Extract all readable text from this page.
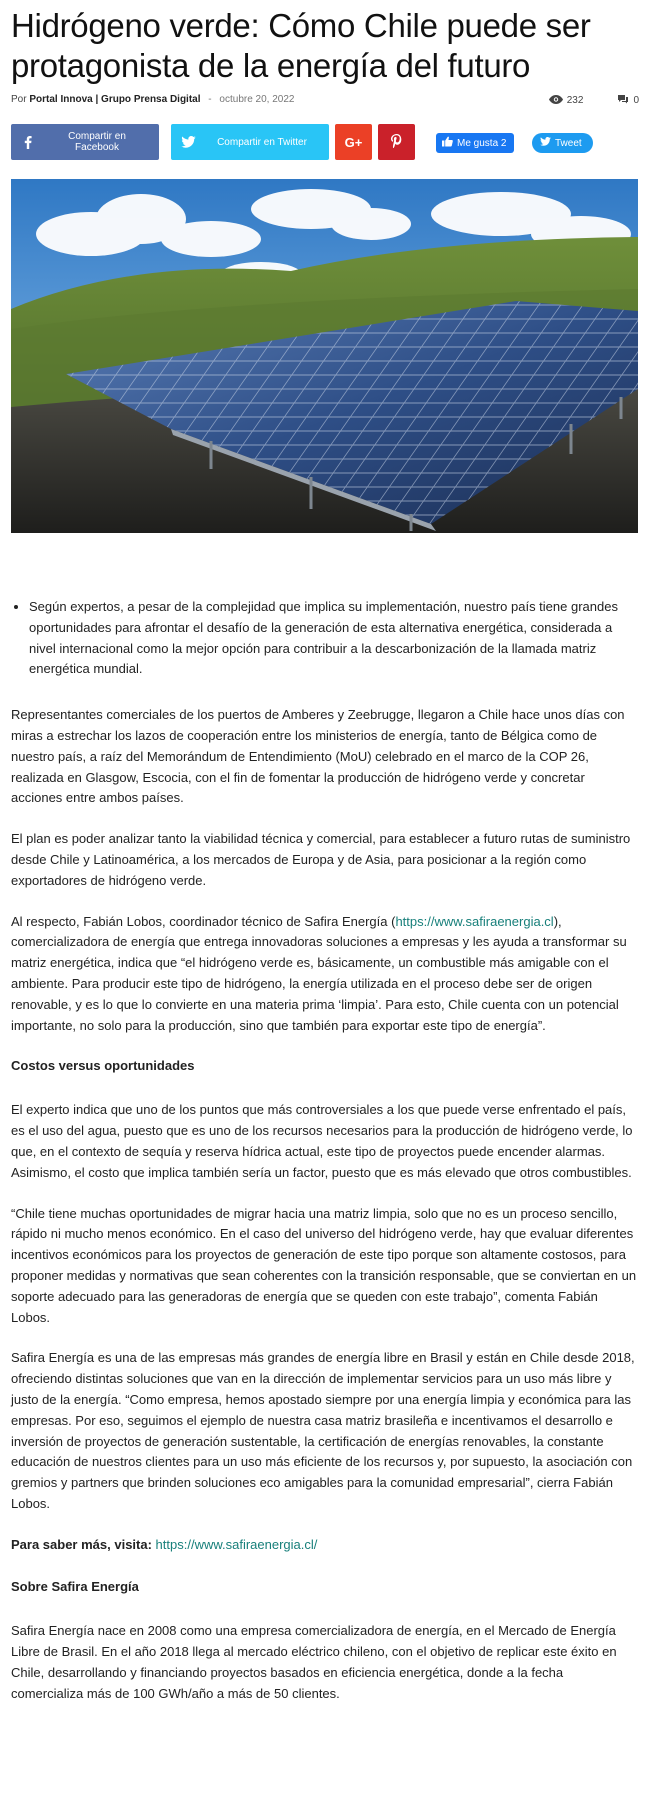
Hidrógeno verde: Cómo Chile puede ser protagonista de la energía del futuro
Por Portal Innova | Grupo Prensa Digital - octubre 20, 2022	232	0
Compartir en Facebook	Compartir en Twitter	G+	Me gusta 2	Tweet
• Según expertos, a pesar de la complejidad que implica su implementación, nuestro país tiene grandes oportunidades para afrontar el desafío de la generación de esta alternativa energética, considerada a nivel internacional como la mejor opción para contribuir a la descarbonización de la llamada matriz energética mundial.

Representantes comerciales de los puertos de Amberes y Zeebrugge, llegaron a Chile hace unos días con miras a estrechar los lazos de cooperación entre los ministerios de energía, tanto de Bélgica como de nuestro país, a raíz del Memorándum de Entendimiento (MoU) celebrado en el marco de la COP 26, realizada en Glasgow, Escocia, con el fin de fomentar la producción de hidrógeno verde y concretar acciones entre ambos países.

El plan es poder analizar tanto la viabilidad técnica y comercial, para establecer a futuro rutas de suministro desde Chile y Latinoamérica, a los mercados de Europa y de Asia, para posicionar a la región como exportadores de hidrógeno verde.

Al respecto, Fabián Lobos, coordinador técnico de Safira Energía (https://www.safiraenergia.cl), comercializadora de energía que entrega innovadoras soluciones a empresas y les ayuda a transformar su matriz energética, indica que “el hidrógeno verde es, básicamente, un combustible más amigable con el ambiente. Para producir este tipo de hidrógeno, la energía utilizada en el proceso debe ser de origen renovable, y es lo que lo convierte en una materia prima ‘limpia’. Para esto, Chile cuenta con un potencial importante, no solo para la producción, sino que también para exportar este tipo de energía”.

Costos versus oportunidades

El experto indica que uno de los puntos que más controversiales a los que puede verse enfrentado el país, es el uso del agua, puesto que es uno de los recursos necesarios para la producción de hidrógeno verde, lo que, en el contexto de sequía y reserva hídrica actual, este tipo de proyectos puede encender alarmas. Asimismo, el costo que implica también sería un factor, puesto que es más elevado que otros combustibles.

“Chile tiene muchas oportunidades de migrar hacia una matriz limpia, solo que no es un proceso sencillo, rápido ni mucho menos económico. En el caso del universo del hidrógeno verde, hay que evaluar diferentes incentivos económicos para los proyectos de generación de este tipo porque son altamente costosos, para proponer medidas y normativas que sean coherentes con la transición responsable, que se conviertan en un soporte adecuado para las generadoras de energía que se queden con este trabajo”, comenta Fabián Lobos.

Safira Energía es una de las empresas más grandes de energía libre en Brasil y están en Chile desde 2018, ofreciendo distintas soluciones que van en la dirección de implementar servicios para un uso más libre y justo de la energía. “Como empresa, hemos apostado siempre por una energía limpia y económica para las empresas. Por eso, seguimos el ejemplo de nuestra casa matriz brasileña e incentivamos el desarrollo e inversión de proyectos de generación sustentable, la certificación de energías renovables, la constante educación de nuestros clientes para un uso más eficiente de los recursos y, por supuesto, la asociación con gremios y partners que brinden soluciones eco amigables para la comunidad empresarial”, cierra Fabián Lobos.

Para saber más, visita: https://www.safiraenergia.cl/

Sobre Safira Energía

Safira Energía nace en 2008 como una empresa comercializadora de energía, en el Mercado de Energía Libre de Brasil. En el año 2018 llega al mercado eléctrico chileno, con el objetivo de replicar este éxito en Chile, desarrollando y financiando proyectos basados en eficiencia energética, donde a la fecha comercializa más de 100 GWh/año a más de 50 clientes.
